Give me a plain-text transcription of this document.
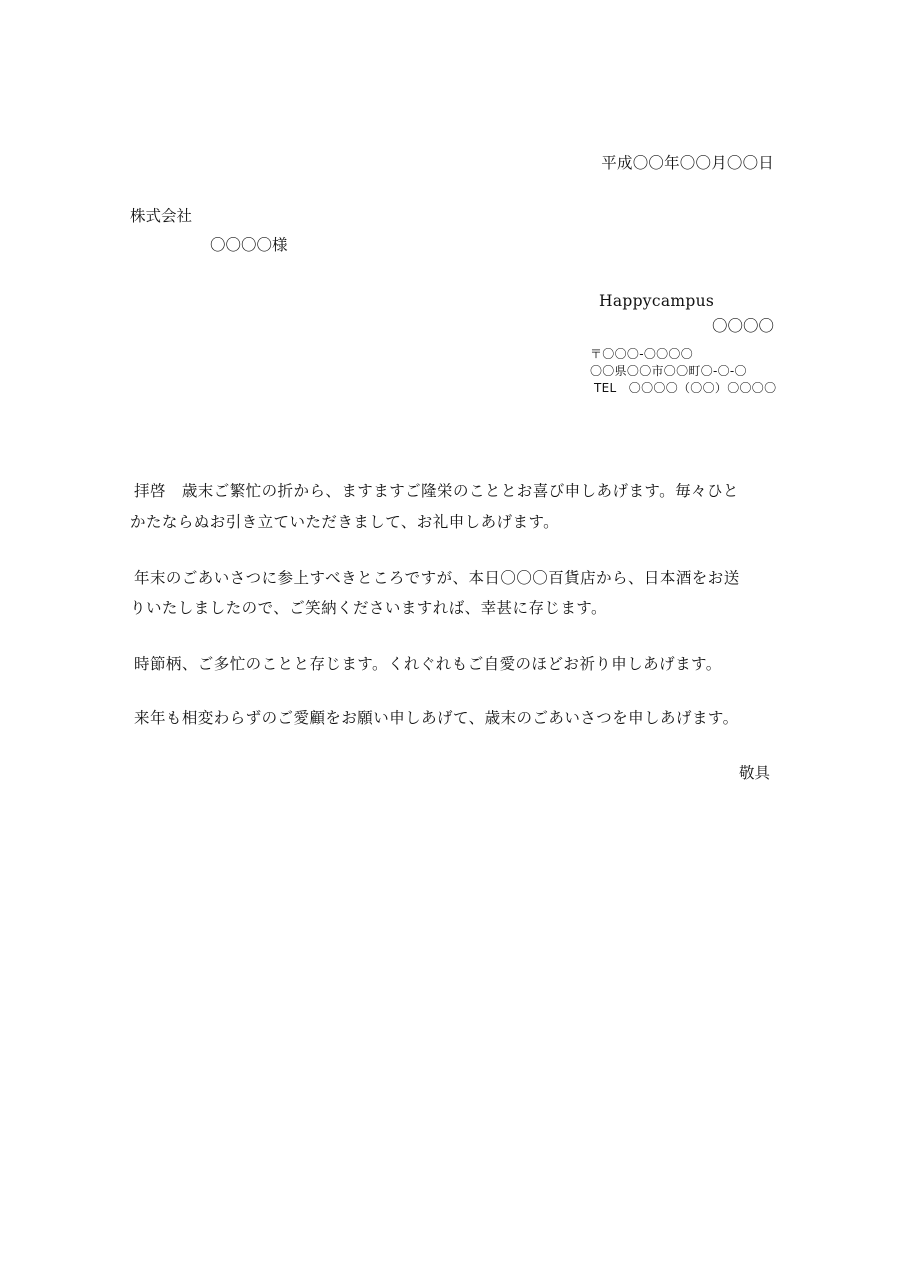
平成〇〇年〇〇月〇〇日
株式会社
〇〇〇〇様
Happycampus
〇〇〇〇
〒〇〇〇-〇〇〇〇
〇〇県〇〇市〇〇町〇-〇-〇
TEL　〇〇〇〇（〇〇）〇〇〇〇
拝啓　歳末ご繁忙の折から、ますますご隆栄のこととお喜び申しあげます。毎々ひと
かたならぬお引き立ていただきまして、お礼申しあげます。
年末のごあいさつに参上すべきところですが、本日〇〇〇百貨店から、日本酒をお送
りいたしましたので、ご笑納くださいますれば、幸甚に存じます。
時節柄、ご多忙のことと存じます。くれぐれもご自愛のほどお祈り申しあげます。
来年も相変わらずのご愛顧をお願い申しあげて、歳末のごあいさつを申しあげます。
敬具
